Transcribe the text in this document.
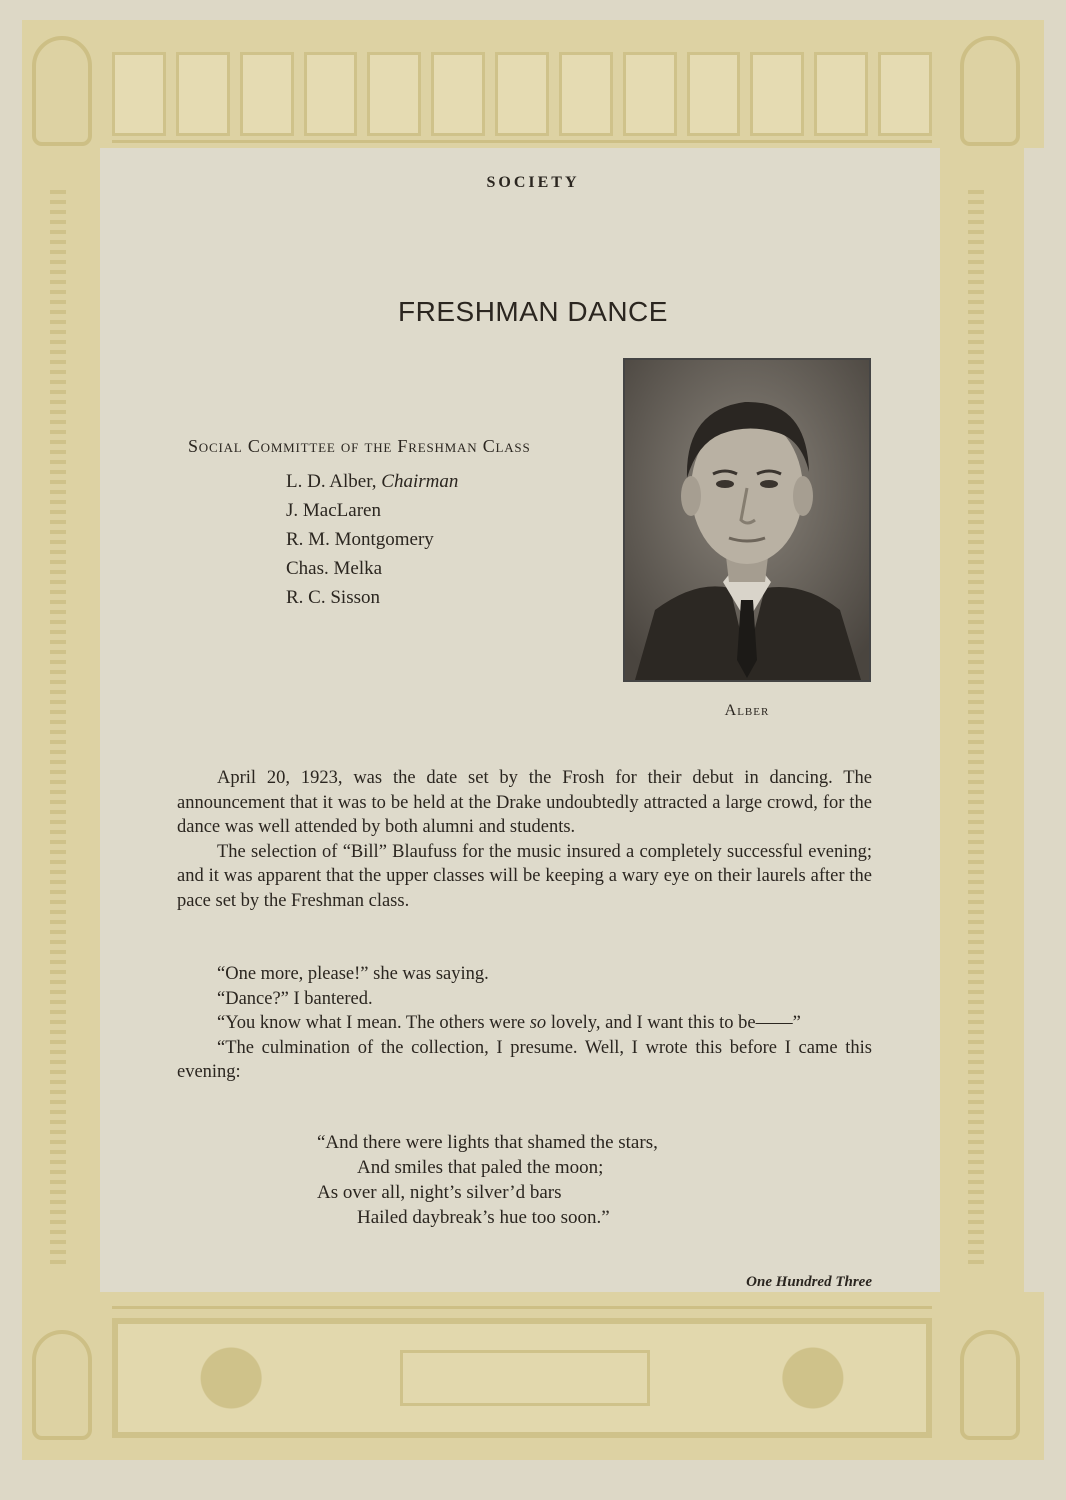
SOCIETY
FRESHMAN DANCE
Social Committee of the Freshman Class
L. D. Alber, Chairman
J. MacLaren
R. M. Montgomery
Chas. Melka
R. C. Sisson
Alber

April 20, 1923, was the date set by the Frosh for their debut in dancing. The announcement that it was to be held at the Drake undoubtedly attracted a large crowd, for the dance was well attended by both alumni and students.

The selection of “Bill” Blaufuss for the music insured a completely successful evening; and it was apparent that the upper classes will be keeping a wary eye on their laurels after the pace set by the Freshman class.

“One more, please!” she was saying.

“Dance?” I bantered.

“You know what I mean. The others were so lovely, and I want this to be——”

“The culmination of the collection, I presume. Well, I wrote this before I came this evening:

“And there were lights that shamed the stars,
And smiles that paled the moon;
As over all, night’s silver’d bars
Hailed daybreak’s hue too soon.”
One Hundred Three
